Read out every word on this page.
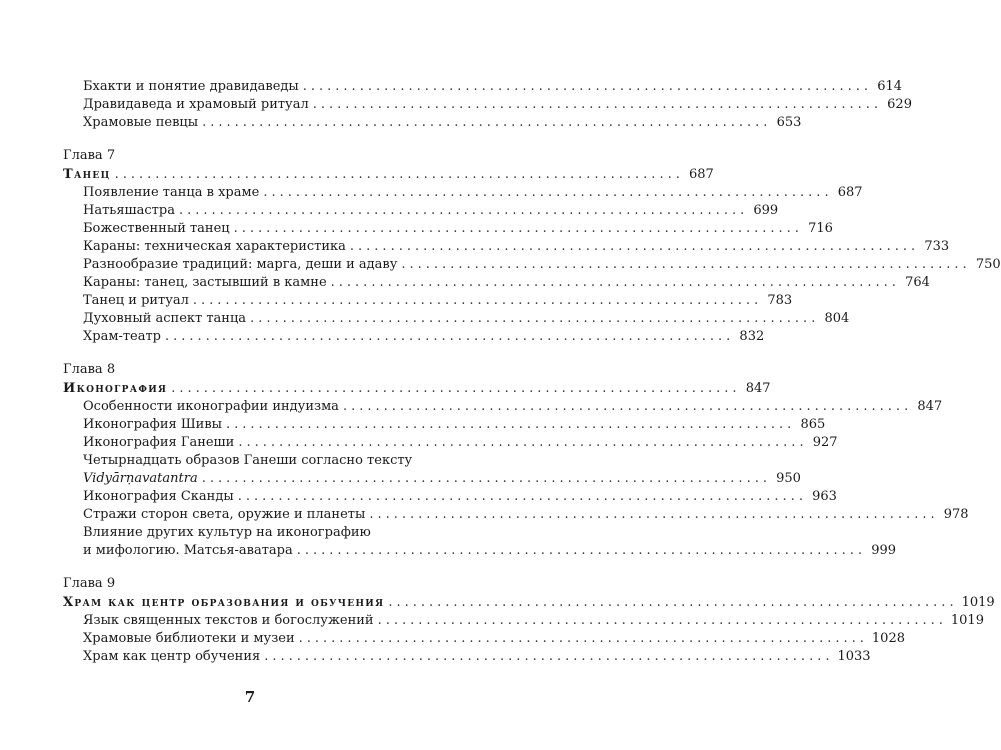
Бхакти и понятие дравидаведы ...................................................................... 614
Дравидаведа и храмовый ритуал ...................................................................... 629
Храмовые певцы ...................................................................... 653
Глава 7
Танец ...................................................................... 687
Появление танца в храме ...................................................................... 687
Натьяшастра ...................................................................... 699
Божественный танец ...................................................................... 716
Караны: техническая характеристика ...................................................................... 733
Разнообразие традиций: марга, деши и адаву ...................................................................... 750
Караны: танец, застывший в камне ...................................................................... 764
Танец и ритуал ...................................................................... 783
Духовный аспект танца ...................................................................... 804
Храм-театр ...................................................................... 832
Глава 8
Иконография ...................................................................... 847
Особенности иконографии индуизма ...................................................................... 847
Иконография Шивы ...................................................................... 865
Иконография Ганеши ...................................................................... 927
Четырнадцать образов Ганеши согласно тексту
Vidyārṇavatantra ...................................................................... 950
Иконография Сканды ...................................................................... 963
Стражи сторон света, оружие и планеты ...................................................................... 978
Влияние других культур на иконографию
и мифологию. Матсья-аватара ...................................................................... 999
Глава 9
Храм как центр образования и обучения ...................................................................... 1019
Язык священных текстов и богослужений ...................................................................... 1019
Храмовые библиотеки и музеи ...................................................................... 1028
Храм как центр обучения ...................................................................... 1033
7
